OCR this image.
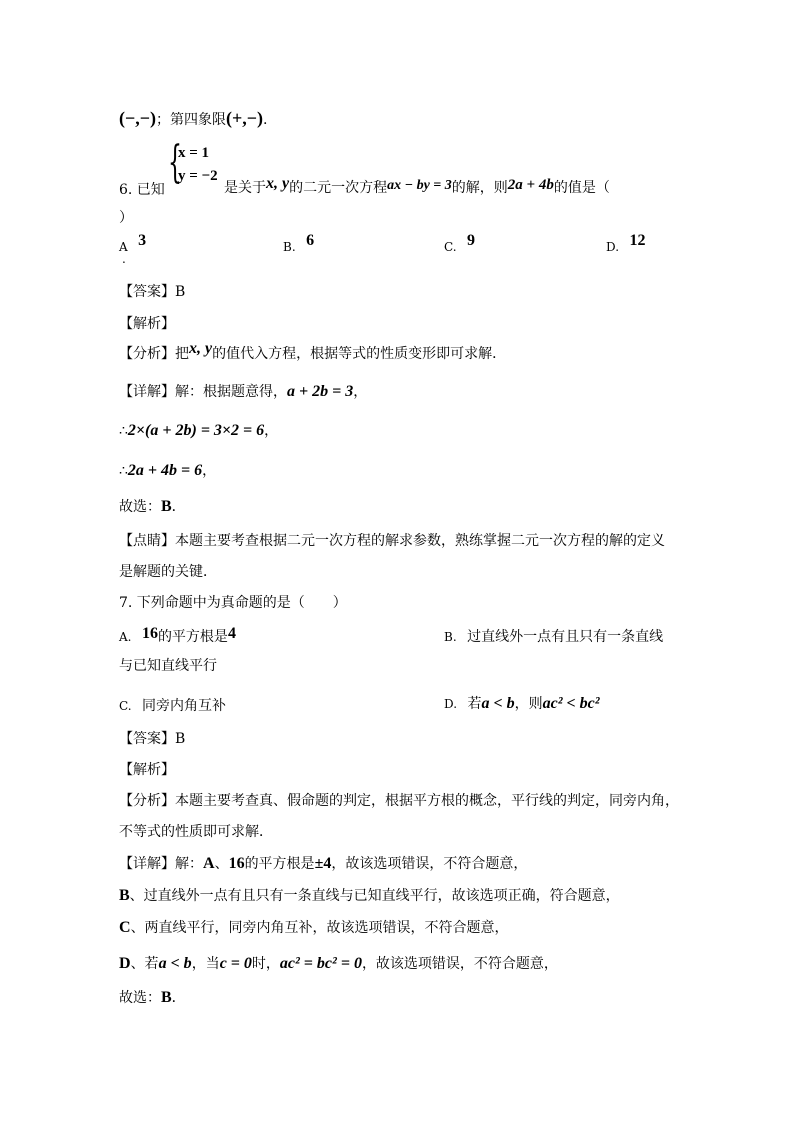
(−,−)；第四象限(+,−).
6. 已知
{
x = 1
y = −2
是关于x, y的二元一次方程ax − by = 3的解，则2a + 4b的值是（
）
A 3
.
B. 6	C. 9	D. 12
【答案】B
【解析】
【分析】把x, y的值代入方程，根据等式的性质变形即可求解．
【详解】解：根据题意得，a + 2b = 3，
∴2×(a + 2b) = 3×2 = 6，
∴2a + 4b = 6，
故选：B．
【点睛】本题主要考查根据二元一次方程的解求参数，熟练掌握二元一次方程的解的定义
是解题的关键．
7. 下列命题中为真命题的是（　　）
A. 16的平方根是4	B. 过直线外一点有且只有一条直线
与已知直线平行
C. 同旁内角互补	D. 若a < b，则ac² < bc²
【答案】B
【解析】
【分析】本题主要考查真、假命题的判定，根据平方根的概念，平行线的判定，同旁内角，
不等式的性质即可求解．
【详解】解：A、16的平方根是±4，故该选项错误，不符合题意，
B、过直线外一点有且只有一条直线与已知直线平行，故该选项正确，符合题意，
C、两直线平行，同旁内角互补，故该选项错误，不符合题意，
D、若a < b，当c = 0时，ac² = bc² = 0，故该选项错误，不符合题意，
故选：B．
